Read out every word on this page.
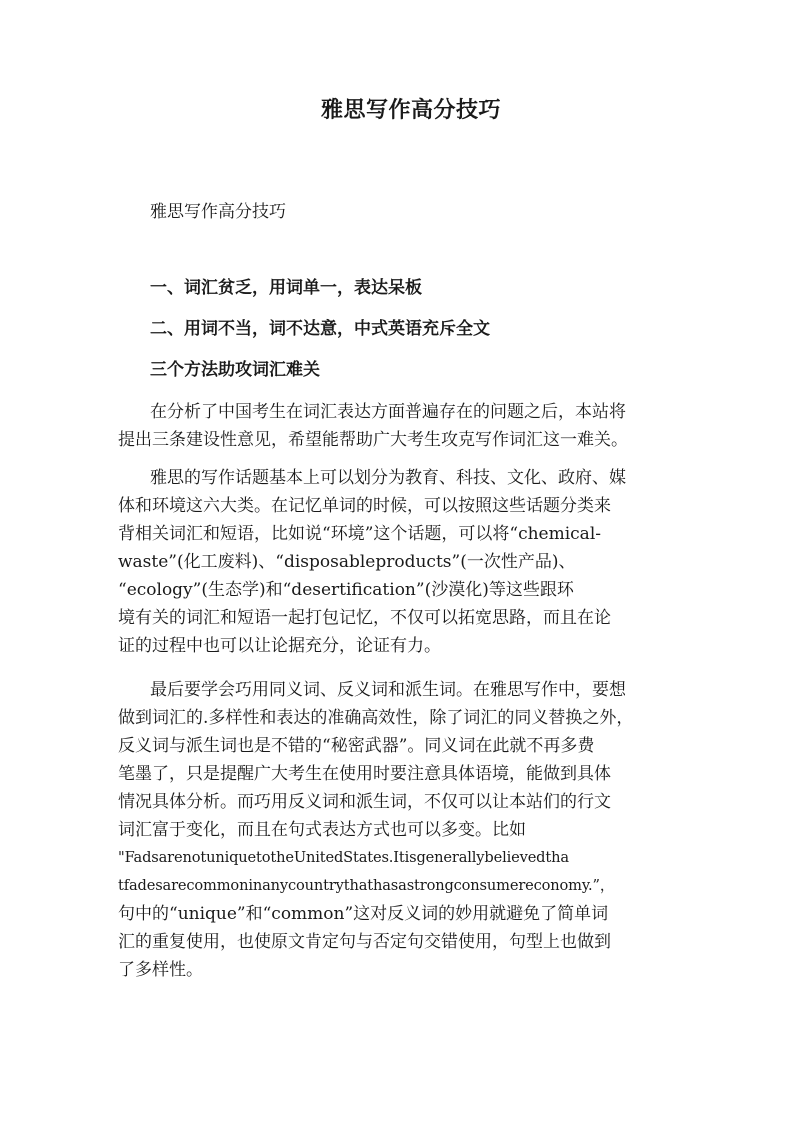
雅思写作高分技巧

雅思写作高分技巧

一、词汇贫乏，用词单一，表达呆板

二、用词不当，词不达意，中式英语充斥全文

三个方法助攻词汇难关

在分析了中国考生在词汇表达方面普遍存在的问题之后，本站将
提出三条建设性意见，希望能帮助广大考生攻克写作词汇这一难关。
雅思的写作话题基本上可以划分为教育、科技、文化、政府、媒
体和环境这六大类。在记忆单词的时候，可以按照这些话题分类来
背相关词汇和短语，比如说“环境”这个话题，可以将“chemical-
waste”(化工废料)、“disposableproducts”(一次性产品)、
“ecology”(生态学)和“desertification”(沙漠化)等这些跟环
境有关的词汇和短语一起打包记忆，不仅可以拓宽思路，而且在论
证的过程中也可以让论据充分，论证有力。
最后要学会巧用同义词、反义词和派生词。在雅思写作中，要想
做到词汇的.多样性和表达的准确高效性，除了词汇的同义替换之外，
反义词与派生词也是不错的“秘密武器”。同义词在此就不再多费
笔墨了，只是提醒广大考生在使用时要注意具体语境，能做到具体
情况具体分析。而巧用反义词和派生词，不仅可以让本站们的行文
词汇富于变化，而且在句式表达方式也可以多变。比如
"FadsarenotuniquetotheUnitedStates.Itisgenerallybelievedtha
tfadesarecommoninanycountrythathasastrongconsumereconomy.”，
句中的“unique”和“common”这对反义词的妙用就避免了简单词
汇的重复使用，也使原文肯定句与否定句交错使用，句型上也做到
了多样性。
